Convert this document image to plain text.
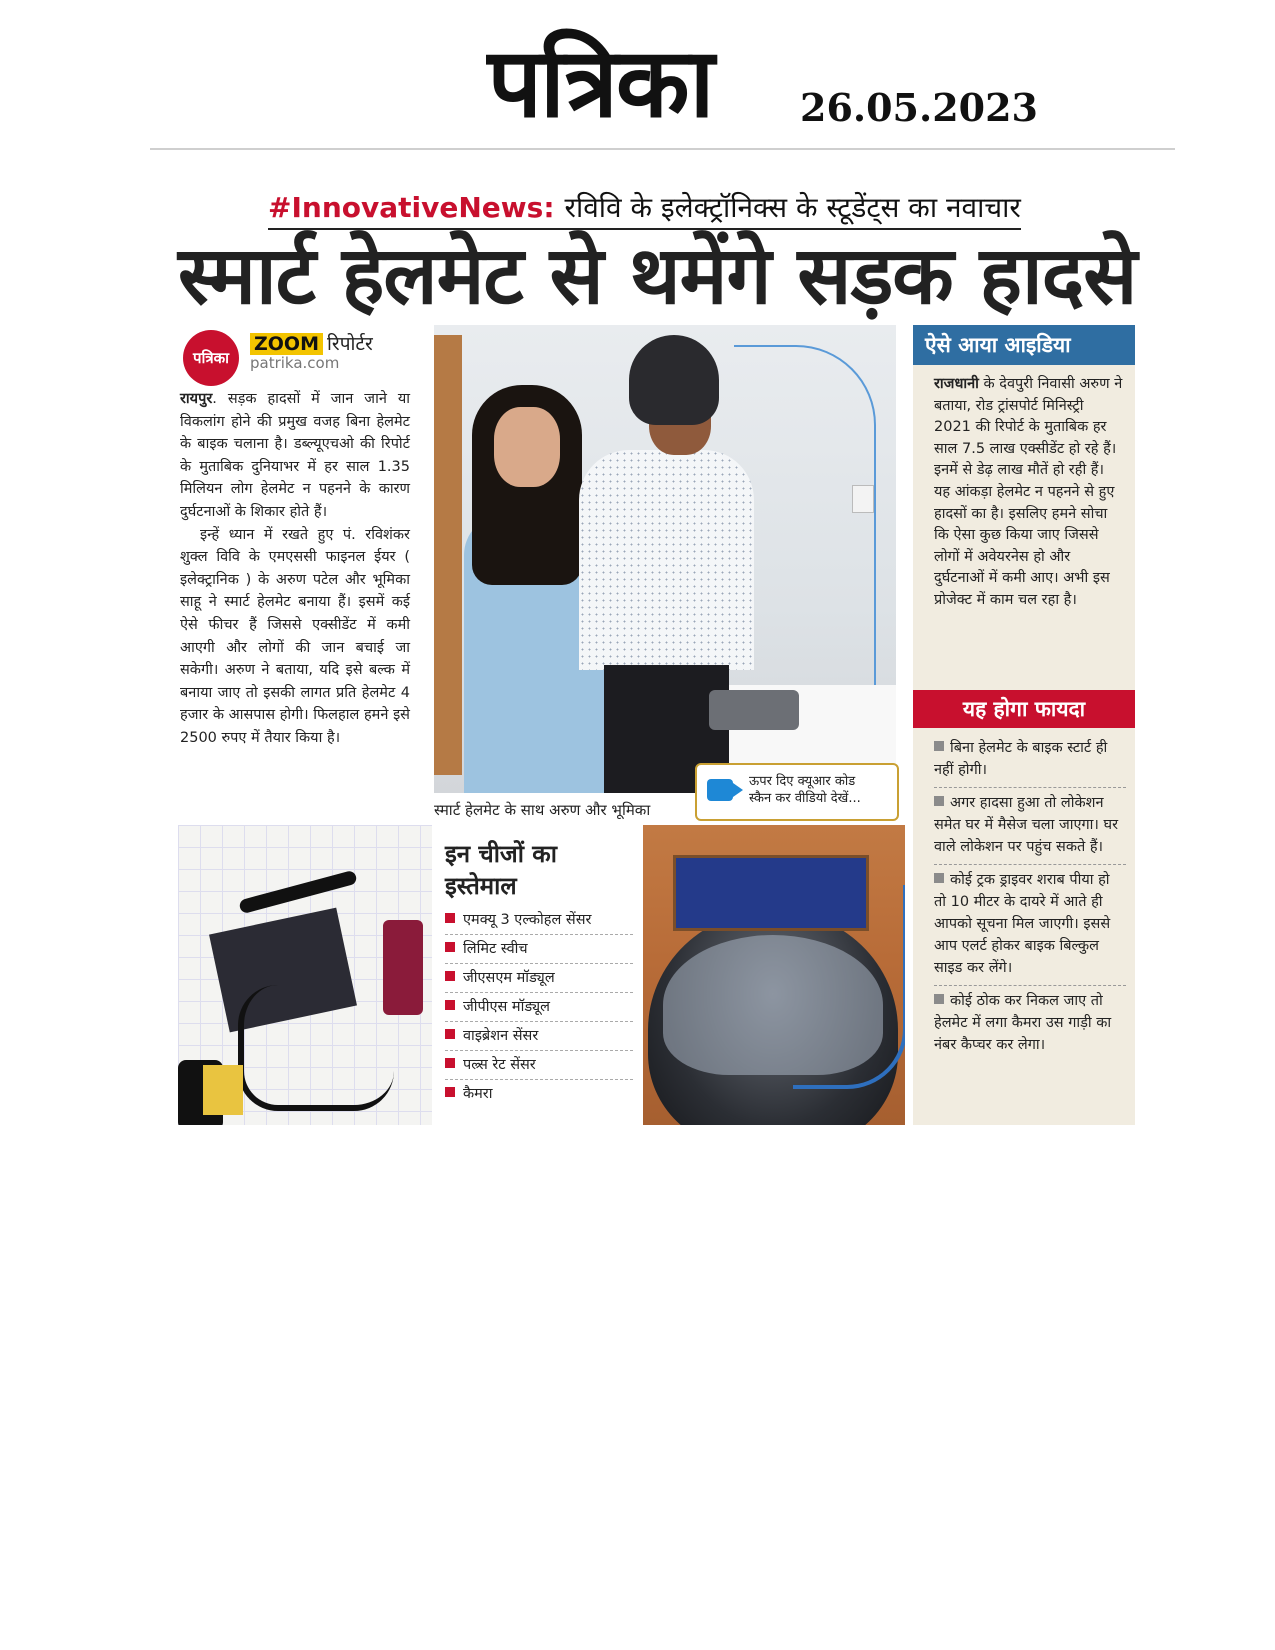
पत्रिका	26.05.2023
#InnovativeNews: रविवि के इलेक्ट्रॉनिक्स के स्टूडेंट्स का नवाचार
स्मार्ट हेलमेट से थमेंगे सड़क हादसे
पत्रिका
ZOOM रिपोर्टर
patrika.com

रायपुर. सड़क हादसों में जान जाने या विकलांग होने की प्रमुख वजह बिना हेलमेट के बाइक चलाना है। डब्ल्यूएचओ की रिपोर्ट के मुताबिक दुनियाभर में हर साल 1.35 मिलियन लोग हेलमेट न पहनने के कारण दुर्घटनाओं के शिकार होते हैं।

इन्हें ध्यान में रखते हुए पं. रविशंकर शुक्ल विवि के एमएससी फाइनल ईयर ( इलेक्ट्रानिक ) के अरुण पटेल और भूमिका साहू ने स्मार्ट हेलमेट बनाया हैं। इसमें कई ऐसे फीचर हैं जिससे एक्सीडेंट में कमी आएगी और लोगों की जान बचाई जा सकेगी। अरुण ने बताया, यदि इसे बल्क में बनाया जाए तो इसकी लागत प्रति हेलमेट 4 हजार के आसपास होगी। फिलहाल हमने इसे 2500 रुपए में तैयार किया है।

स्मार्ट हेलमेट के साथ अरुण और भूमिका
ऊपर दिए क्यूआर कोड
स्कैन कर वीडियो देखें...
ऐसे आया आइडिया
राजधानी के देवपुरी निवासी अरुण ने बताया, रोड ट्रांसपोर्ट मिनिस्ट्री 2021 की रिपोर्ट के मुताबिक हर साल 7.5 लाख एक्सीडेंट हो रहे हैं। इनमें से डेढ़ लाख मौतें हो रही हैं। यह आंकड़ा हेलमेट न पहनने से हुए हादसों का है। इसलिए हमने सोचा कि ऐसा कुछ किया जाए जिससे लोगों में अवेयरनेस हो और दुर्घटनाओं में कमी आए। अभी इस प्रोजेक्ट में काम चल रहा है।
यह होगा फायदा
बिना हेलमेट के बाइक स्टार्ट ही नहीं होगी।
अगर हादसा हुआ तो लोकेशन समेत घर में मैसेज चला जाएगा। घर वाले लोकेशन पर पहुंच सकते हैं।
कोई ट्रक ड्राइवर शराब पीया हो तो 10 मीटर के दायरे में आते ही आपको सूचना मिल जाएगी। इससे आप एलर्ट होकर बाइक बिल्कुल साइड कर लेंगे।
कोई ठोक कर निकल जाए तो हेलमेट में लगा कैमरा उस गाड़ी का नंबर कैप्चर कर लेगा।
इन चीजों का इस्तेमाल
एमक्यू 3 एल्कोहल सेंसर
लिमिट स्वीच
जीएसएम मॉड्यूल
जीपीएस मॉड्यूल
वाइब्रेशन सेंसर
पल्र्स रेट सेंसर
कैमरा
